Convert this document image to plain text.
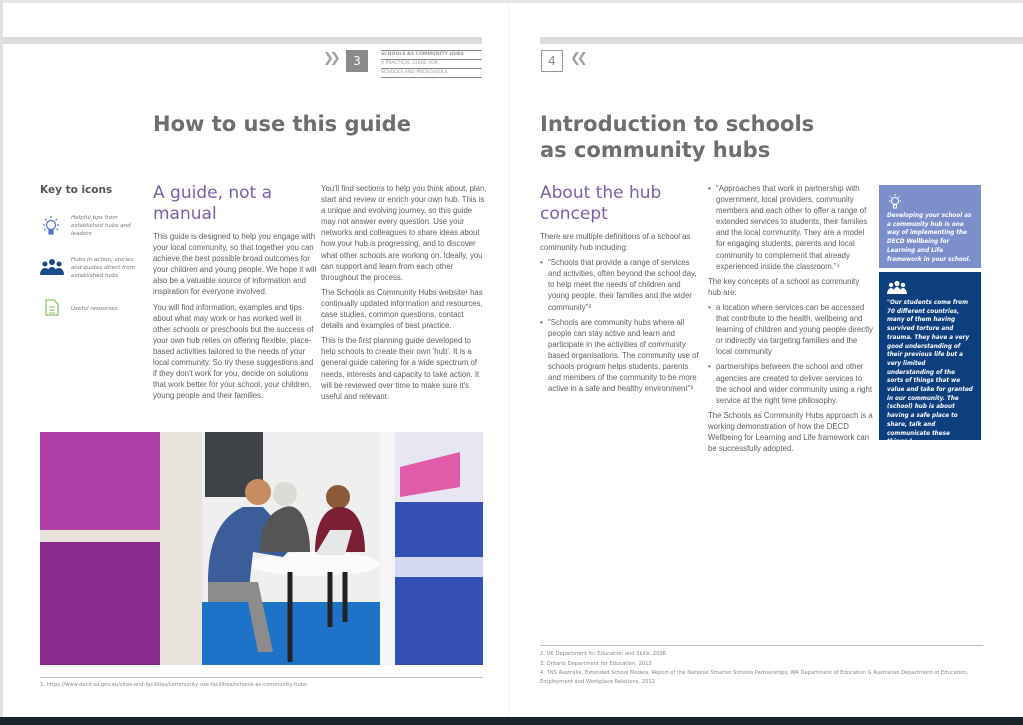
❯❯	3	SCHOOLS AS COMMUNITY HUBS
A PRACTICAL GUIDE FOR
SCHOOLS AND PRESCHOOLS
4	❮❮
How to use this guide
Key to icons
Helpful tips from established hubs and leaders
Hubs in action, stories and quotes direct from established hubs
Useful resources
A guide, not a manual

This guide is designed to help you engage with your local community, so that together you can achieve the best possible broad outcomes for your children and young people. We hope it will also be a valuable source of information and inspiration for everyone involved.

You will find information, examples and tips about what may work or has worked well in other schools or preschools but the success of your own hub relies on offering flexible, place-based activities tailored to the needs of your local community. So try these suggestions and if they don't work for you, decide on solutions that work better for your school, your children, young people and their families.

You'll find sections to help you think about, plan, start and review or enrich your own hub. This is a unique and evolving journey, so this guide may not answer every question. Use your networks and colleagues to share ideas about how your hub is progressing, and to discover what other schools are working on. Ideally, you can support and learn from each other throughout the process.

The Schools as Community Hubs website¹ has continually updated information and resources, case studies, common questions, contact details and examples of best practice.

This is the first planning guide developed to help schools to create their own 'hub'. It is a general guide catering for a wide spectrum of needs, interests and capacity to take action. It will be reviewed over time to make sure it's useful and relevant.

1. https://www.decd.sa.gov.au/sites-and-facilities/community-use-facilities/schools-as-community-hubs
Introduction to schools as community hubs
About the hub concept

There are multiple definitions of a school as community hub including:

• "Schools that provide a range of services and activities, often beyond the school day, to help meet the needs of children and young people, their families and the wider community"²
• "Schools are community hubs where all people can stay active and learn and participate in the activities of community based organisations. The community use of schools program helps students, parents and members of the community to be more active in a safe and healthy environment"³
• "Approaches that work in partnership with government, local providers, community members and each other to offer a range of extended services to students, their families and the local community. They are a model for engaging students, parents and local community to complement that already experienced inside the classroom."⁴

The key concepts of a school as community hub are:

• a location where services can be accessed that contribute to the health, wellbeing and learning of children and young people directly or indirectly via targeting families and the local community
• partnerships between the school and other agencies are created to deliver services to the school and wider community using a right service at the right time philosophy.

The Schools as Community Hubs approach is a working demonstration of how the DECD Wellbeing for Learning and Life framework can be successfully adopted.

Developing your school as a community hub is one way of implementing the DECD Wellbeing for Learning and Life framework in your school.
"Our students come from 70 different countries, many of them having survived torture and trauma. They have a very good understanding of their previous life but a very limited understanding of the sorts of things that we value and take for granted in our community. The (school) hub is about having a safe place to share, talk and communicate these things."
School leader
2. UK Department for Education and Skills, 2006
3. Ontario Department for Education, 2013
4. TNS Australia, Extended School Models, Report of the National Smarter Schools Partnerships; WA Department of Education & Australian Department of Education, Employment and Workplace Relations, 2012
